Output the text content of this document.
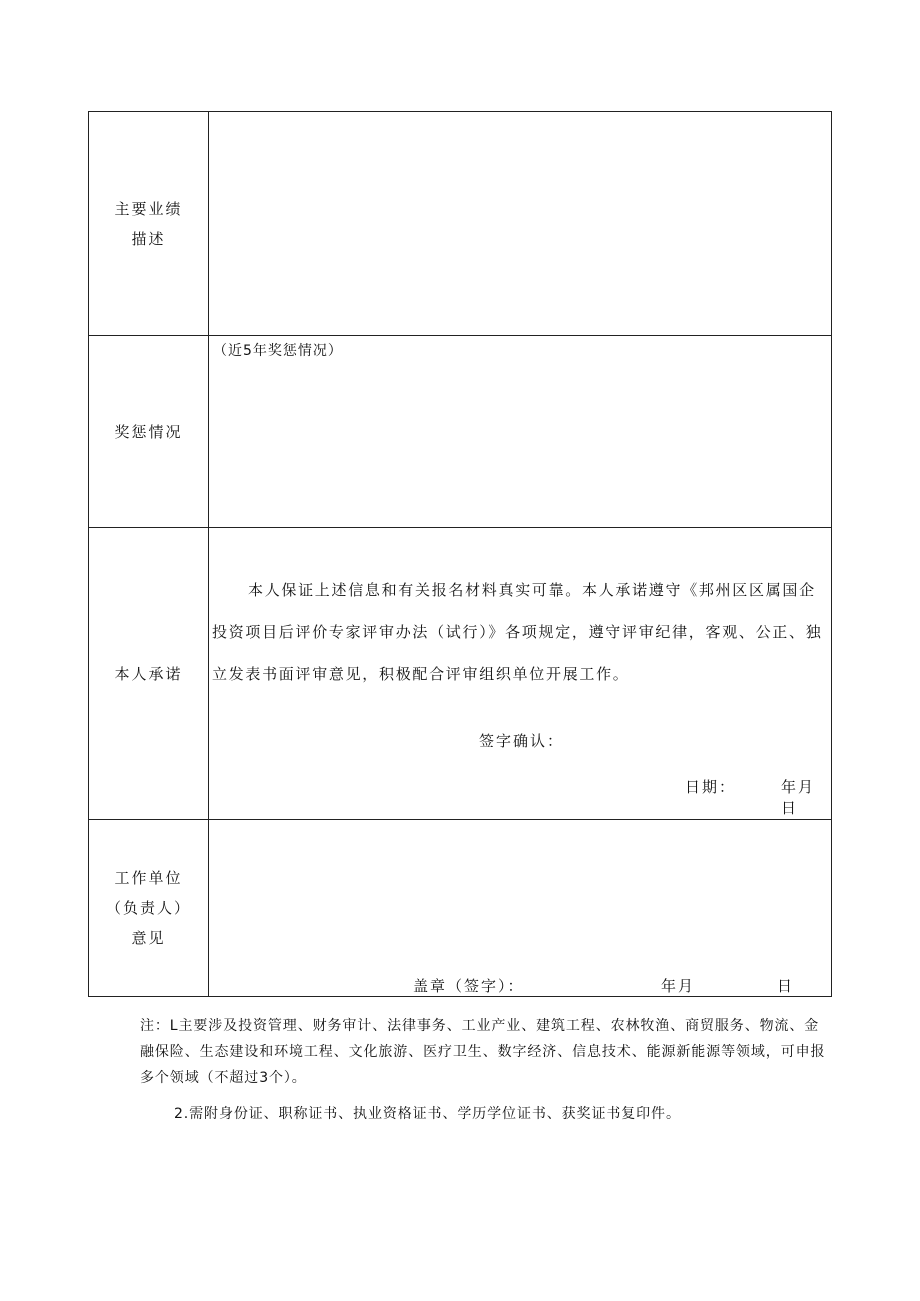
主要业绩描述	

奖惩情况	（近5年奖惩情况）

本人承诺	本人保证上述信息和有关报名材料真实可靠。本人承诺遵守《邦州区区属国企投资项目后评价专家评审办法（试行）》各项规定，遵守评审纪律，客观、公正、独立发表书面评审意见，积极配合评审组织单位开展工作。
签字确认：
日期： 年月日

工作单位（负责人）意见	盖章（签字）： 年月 日

注：L主要涉及投资管理、财务审计、法律事务、工业产业、建筑工程、农林牧渔、商贸服务、物流、金融保险、生态建设和环境工程、文化旅游、医疗卫生、数字经济、信息技术、能源新能源等领域，可申报多个领域（不超过3个）。

2.需附身份证、职称证书、执业资格证书、学历学位证书、获奖证书复印件。
